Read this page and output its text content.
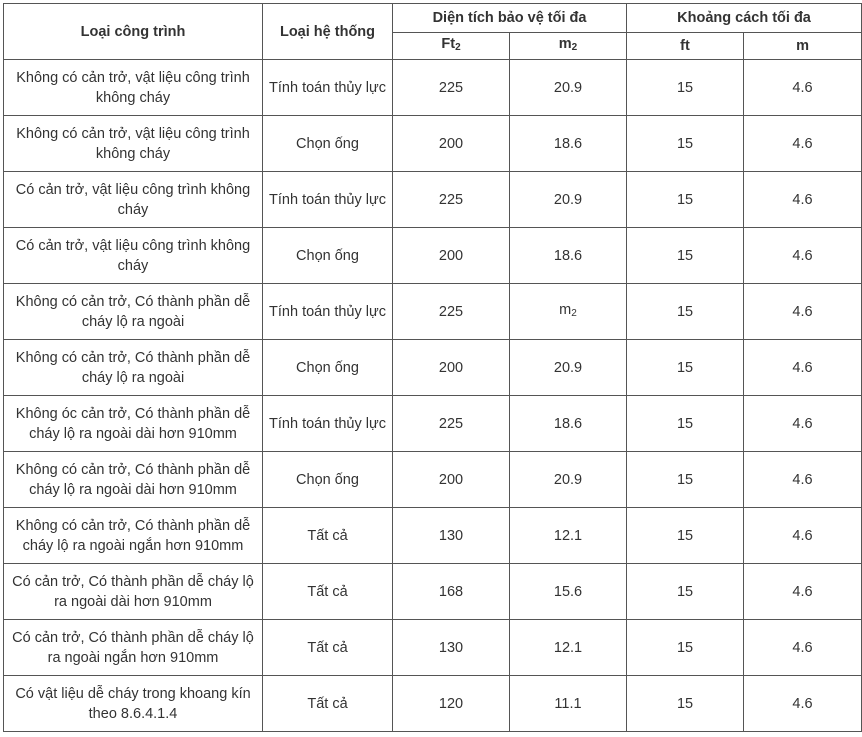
Loại công trình	Loại hệ thống	Diện tích bảo vệ tối đa		Khoảng cách tối đa	
		$Ft_2$	$m_2$	ft	m
Không có cản trở, vật liệu công trình không cháy	Tính toán thủy lực	225	20.9	15	4.6
Không có cản trở, vật liệu công trình không cháy	Chọn ống	200	18.6	15	4.6
Có cản trở, vật liệu công trình không cháy	Tính toán thủy lực	225	20.9	15	4.6
Có cản trở, vật liệu công trình không cháy	Chọn ống	200	18.6	15	4.6
Không có cản trở, Có thành phần dễ cháy lộ ra ngoài	Tính toán thủy lực	225	$m_2$	15	4.6
Không có cản trở, Có thành phần dễ cháy lộ ra ngoài	Chọn ống	200	20.9	15	4.6
Không óc cản trở, Có thành phần dễ cháy lộ ra ngoài dài hơn 910mm	Tính toán thủy lực	225	18.6	15	4.6
Không có cản trở, Có thành phần dễ cháy lộ ra ngoài dài hơn 910mm	Chọn ống	200	20.9	15	4.6
Không có cản trở, Có thành phần dễ cháy lộ ra ngoài ngắn hơn 910mm	Tất cả	130	12.1	15	4.6
Có cản trở, Có thành phần dễ cháy lộ ra ngoài dài hơn 910mm	Tất cả	168	15.6	15	4.6
Có cản trở, Có thành phần dễ cháy lộ ra ngoài ngắn hơn 910mm	Tất cả	130	12.1	15	4.6
Có vật liệu dễ cháy trong khoang kín theo 8.6.4.1.4	Tất cả	120	11.1	15	4.6
